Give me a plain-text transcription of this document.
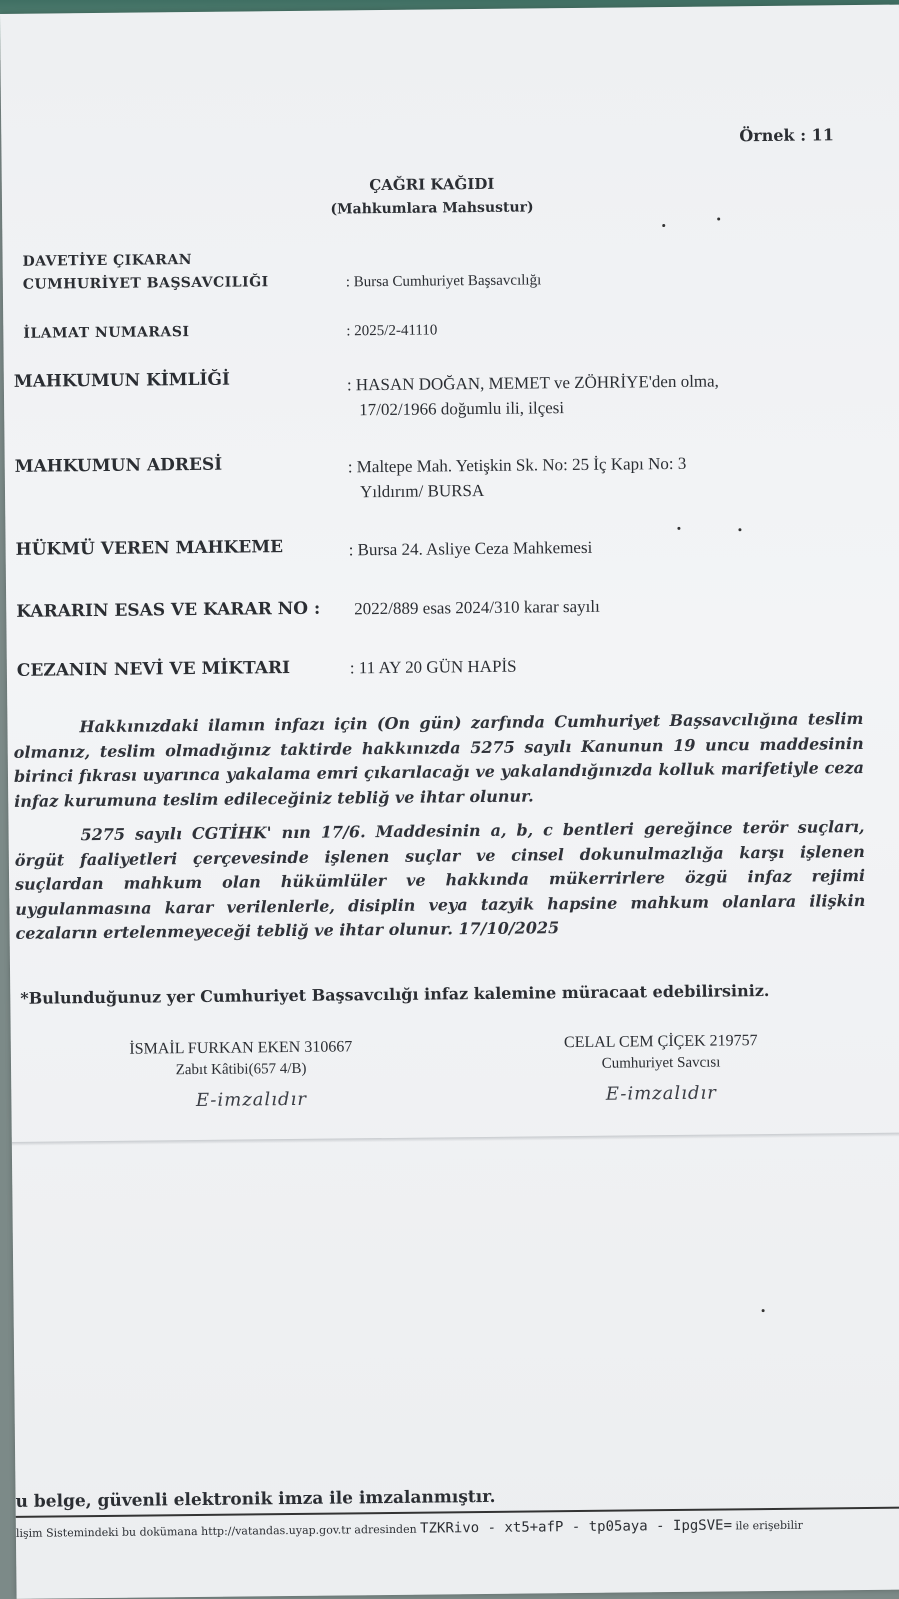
Örnek : 11
ÇAĞRI KAĞIDI
(Mahkumlara Mahsustur)
DAVETİYE ÇIKARAN
CUMHURİYET BAŞSAVCILIĞI	: Bursa Cumhuriyet Başsavcılığı
İLAMAT NUMARASI	: 2025/2-41110
MAHKUMUN KİMLİĞİ	: HASAN DOĞAN, MEMET ve ZÖHRİYE'den olma,
17/02/1966 doğumlu ili, ilçesi
MAHKUMUN ADRESİ	: Maltepe Mah. Yetişkin Sk. No: 25 İç Kapı No: 3
Yıldırım/ BURSA
HÜKMÜ VEREN MAHKEME	: Bursa 24. Asliye Ceza Mahkemesi
KARARIN ESAS VE KARAR NO : 2022/889 esas 2024/310 karar sayılı
CEZANIN NEVİ VE MİKTARI	: 11 AY 20 GÜN HAPİS
Hakkınızdaki ilamın infazı için (On gün) zarfında Cumhuriyet Başsavcılığına teslim olmanız, teslim olmadığınız taktirde hakkınızda 5275 sayılı Kanunun 19 uncu maddesinin birinci fıkrası uyarınca yakalama emri çıkarılacağı ve yakalandığınızda kolluk marifetiyle ceza infaz kurumuna teslim edileceğiniz tebliğ ve ihtar olunur.
5275 sayılı CGTİHK' nın 17/6. Maddesinin a, b, c bentleri gereğince terör suçları, örgüt faaliyetleri çerçevesinde işlenen suçlar ve cinsel dokunulmazlığa karşı işlenen suçlardan mahkum olan hükümlüler ve hakkında mükerrirlere özgü infaz rejimi uygulanmasına karar verilenlerle, disiplin veya tazyik hapsine mahkum olanlara ilişkin cezaların ertelenmeyeceği tebliğ ve ihtar olunur. 17/10/2025
*Bulunduğunuz yer Cumhuriyet Başsavcılığı infaz kalemine müracaat edebilirsiniz.
İSMAİL FURKAN EKEN 310667
Zabıt Kâtibi(657 4/B)
E-imzalıdır
CELAL CEM ÇİÇEK 219757
Cumhuriyet Savcısı
E-imzalıdır
u belge, güvenli elektronik imza ile imzalanmıştır.
lişim Sistemindeki bu dokümana http://vatandas.uyap.gov.tr adresinden TZKRivo - xt5+afP - tp05aya - IpgSVE= ile erişebilir
